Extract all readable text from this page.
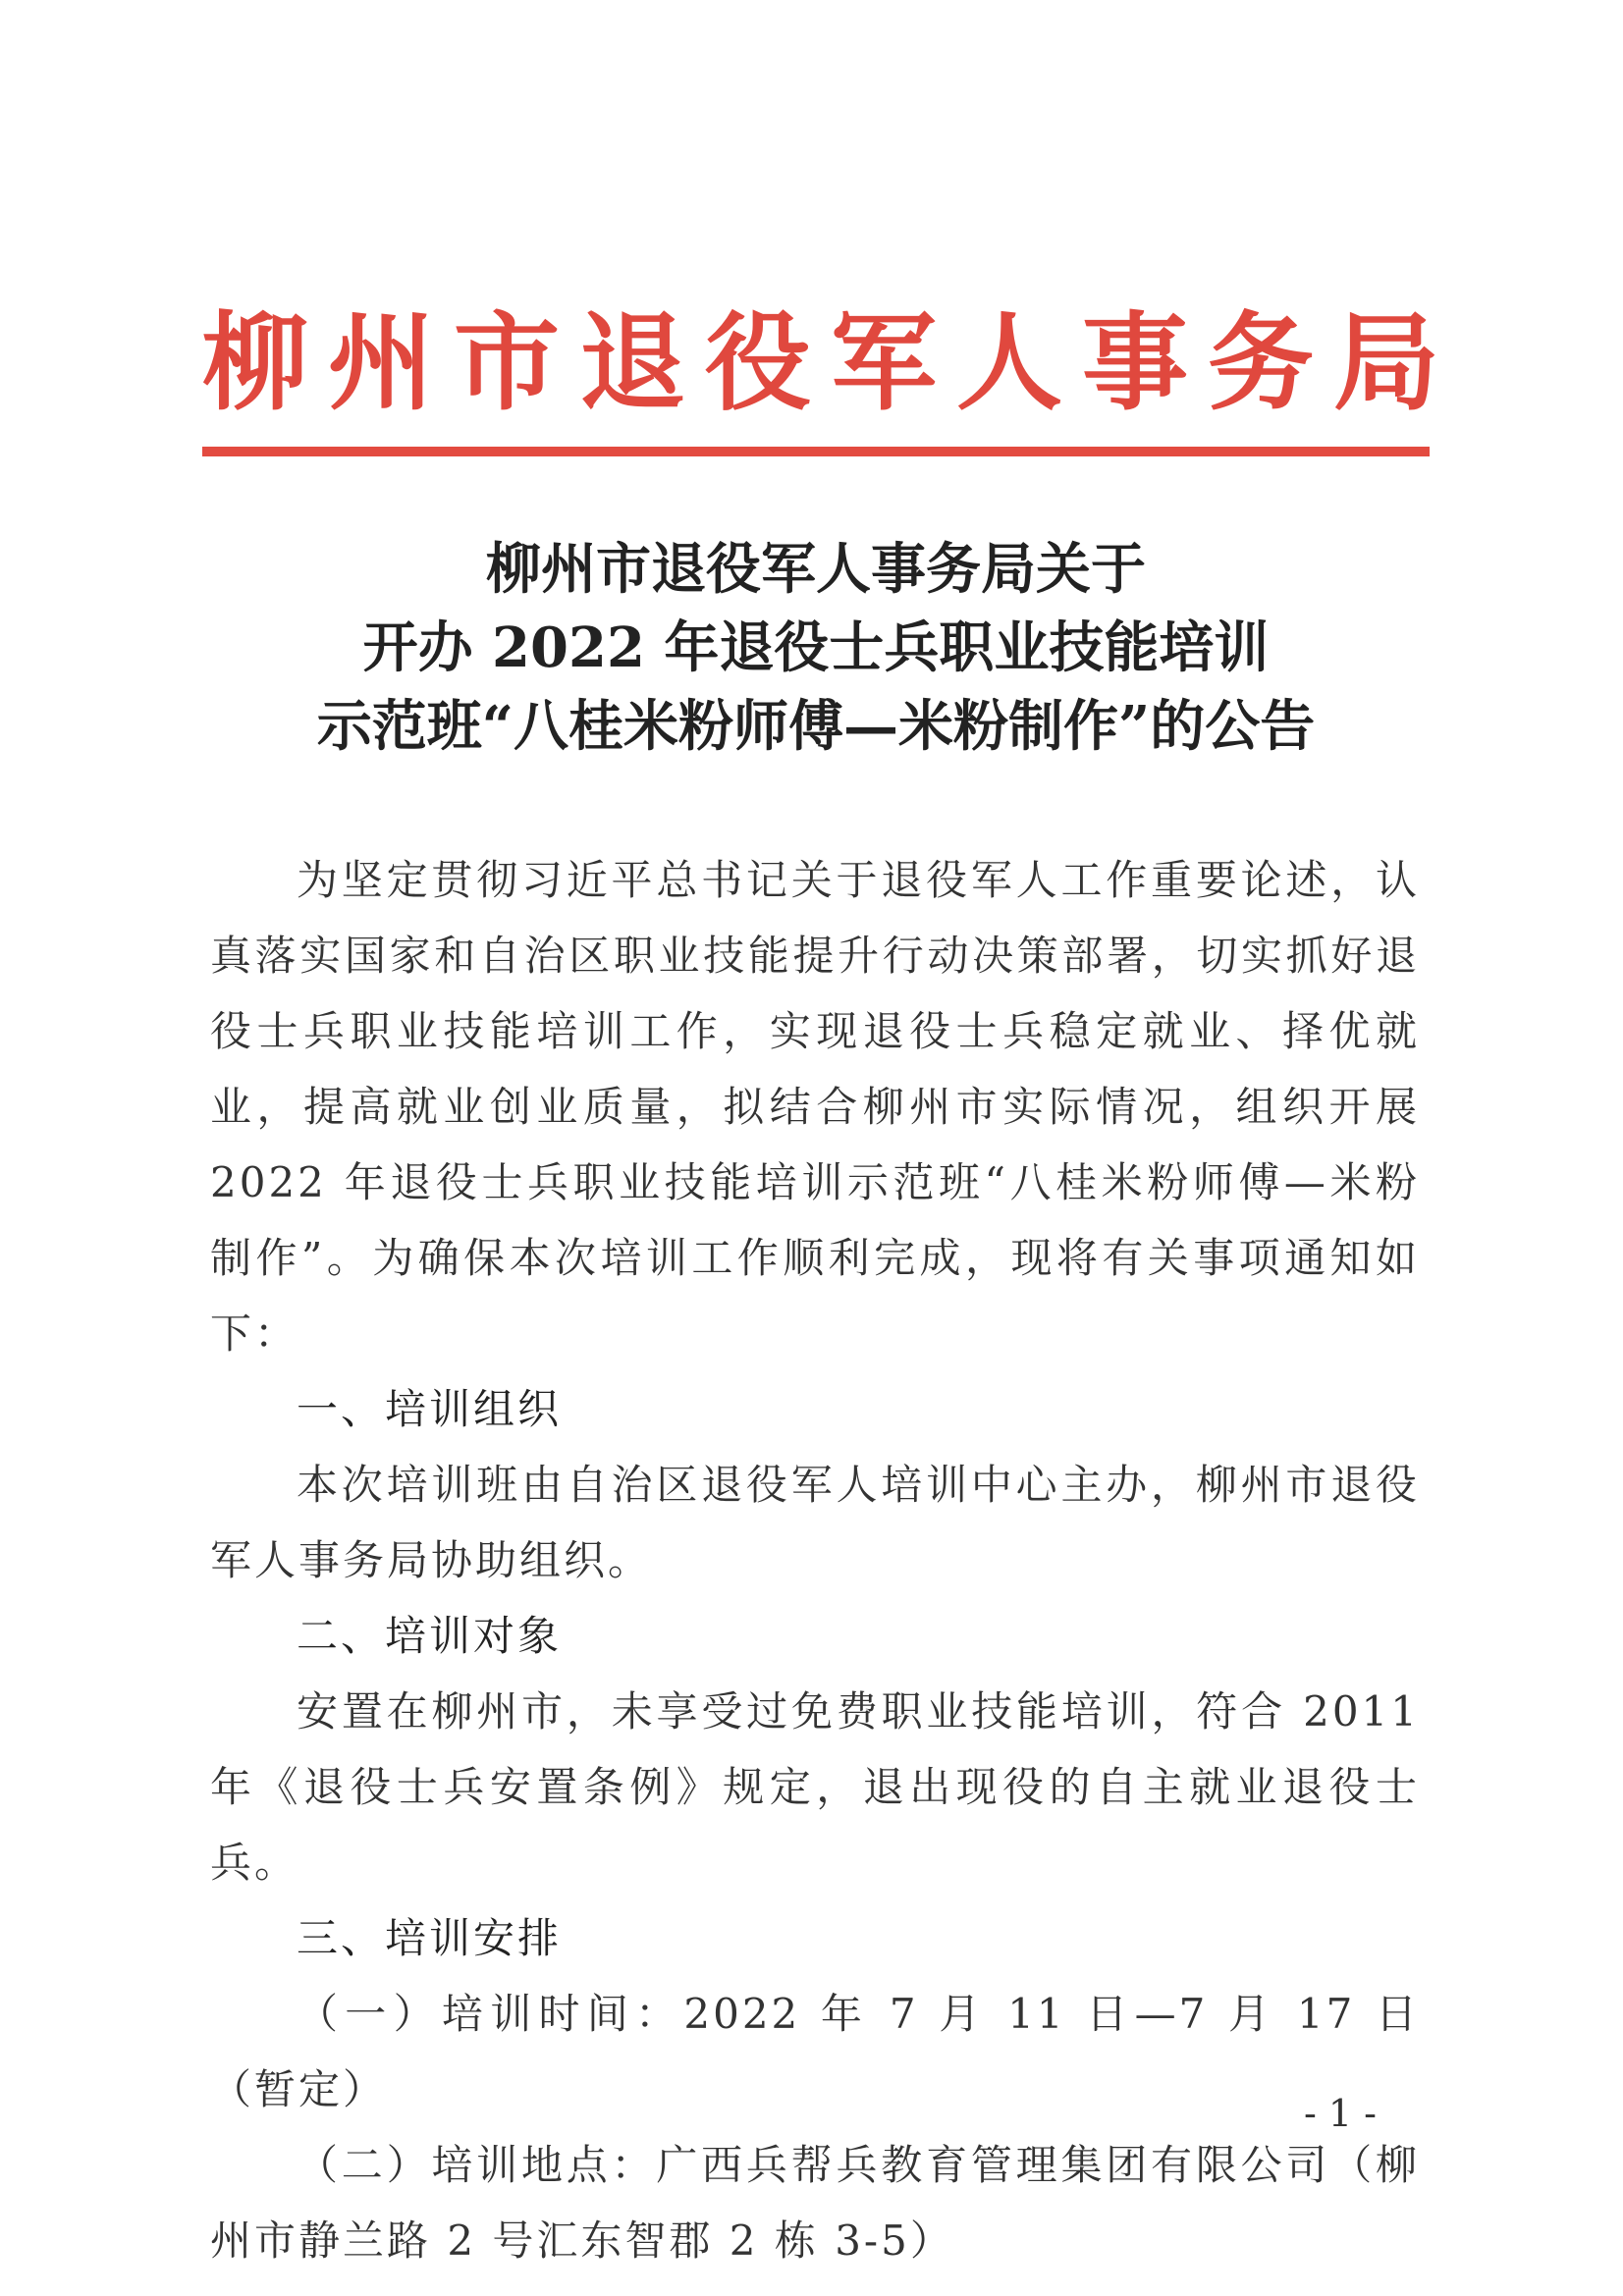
柳州市退役军人事务局
柳州市退役军人事务局关于
开办 2022 年退役士兵职业技能培训
示范班“八桂米粉师傅—米粉制作”的公告

为坚定贯彻习近平总书记关于退役军人工作重要论述，认真落实国家和自治区职业技能提升行动决策部署，切实抓好退役士兵职业技能培训工作，实现退役士兵稳定就业、择优就业，提高就业创业质量，拟结合柳州市实际情况，组织开展 2022 年退役士兵职业技能培训示范班“八桂米粉师傅—米粉制作”。为确保本次培训工作顺利完成，现将有关事项通知如下：

一、培训组织

本次培训班由自治区退役军人培训中心主办，柳州市退役军人事务局协助组织。

二、培训对象

安置在柳州市，未享受过免费职业技能培训，符合 2011 年《退役士兵安置条例》规定，退出现役的自主就业退役士兵。

三、培训安排

（一）培训时间：2022 年 7 月 11 日—7 月 17 日（暂定）

（二）培训地点：广西兵帮兵教育管理集团有限公司（柳州市静兰路 2 号汇东智郡 2 栋 3-5）

- 1 -
